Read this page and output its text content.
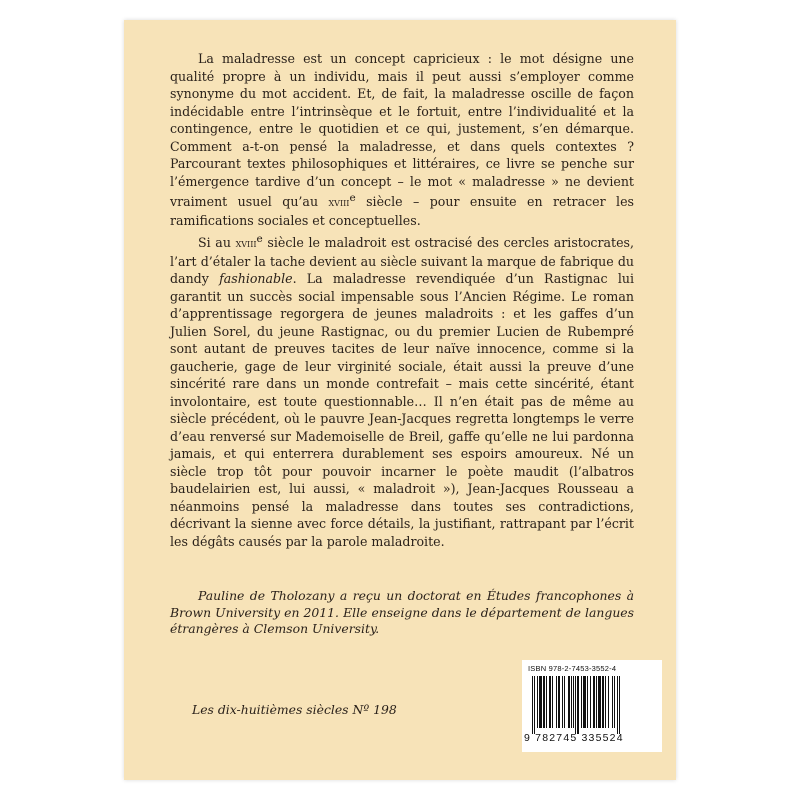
La maladresse est un concept capricieux : le mot désigne une qualité propre à un individu, mais il peut aussi s’employer comme synonyme du mot accident. Et, de fait, la maladresse oscille de façon indécidable entre l’intrinsèque et le fortuit, entre l’individualité et la contingence, entre le quotidien et ce qui, justement, s’en démarque. Comment a-t-on pensé la maladresse, et dans quels contextes ? Parcourant textes philosophiques et littéraires, ce livre se penche sur l’émergence tardive d’un concept – le mot « maladresse » ne devient vraiment usuel qu’au xviii$^e$ siècle – pour ensuite en retracer les ramifications sociales et conceptuelles.

Si au xviii$^e$ siècle le maladroit est ostracisé des cercles aristocrates, l’art d’étaler la tache devient au siècle suivant la marque de fabrique du dandy fashionable. La maladresse revendiquée d’un Rastignac lui garantit un succès social impensable sous l’Ancien Régime. Le roman d’apprentissage regorgera de jeunes maladroits : et les gaffes d’un Julien Sorel, du jeune Rastignac, ou du premier Lucien de Rubempré sont autant de preuves tacites de leur naïve innocence, comme si la gaucherie, gage de leur virginité sociale, était aussi la preuve d’une sincérité rare dans un monde contrefait – mais cette sincérité, étant involontaire, est toute questionnable… Il n’en était pas de même au siècle précédent, où le pauvre Jean-Jacques regretta longtemps le verre d’eau renversé sur Mademoiselle de Breil, gaffe qu’elle ne lui pardonna jamais, et qui enterrera durablement ses espoirs amoureux. Né un siècle trop tôt pour pouvoir incarner le poète maudit (l’albatros baudelairien est, lui aussi, « maladroit »), Jean-Jacques Rousseau a néanmoins pensé la maladresse dans toutes ses contradictions, décrivant la sienne avec force détails, la justifiant, rattrapant par l’écrit les dégâts causés par la parole maladroite.

Pauline de Tholozany a reçu un doctorat en Études francophones à Brown University en 2011. Elle enseigne dans le département de langues étrangères à Clemson University.

Les dix-huitièmes siècles Nº 198

ISBN 978-2-7453-3552-4
9 782745 335524
